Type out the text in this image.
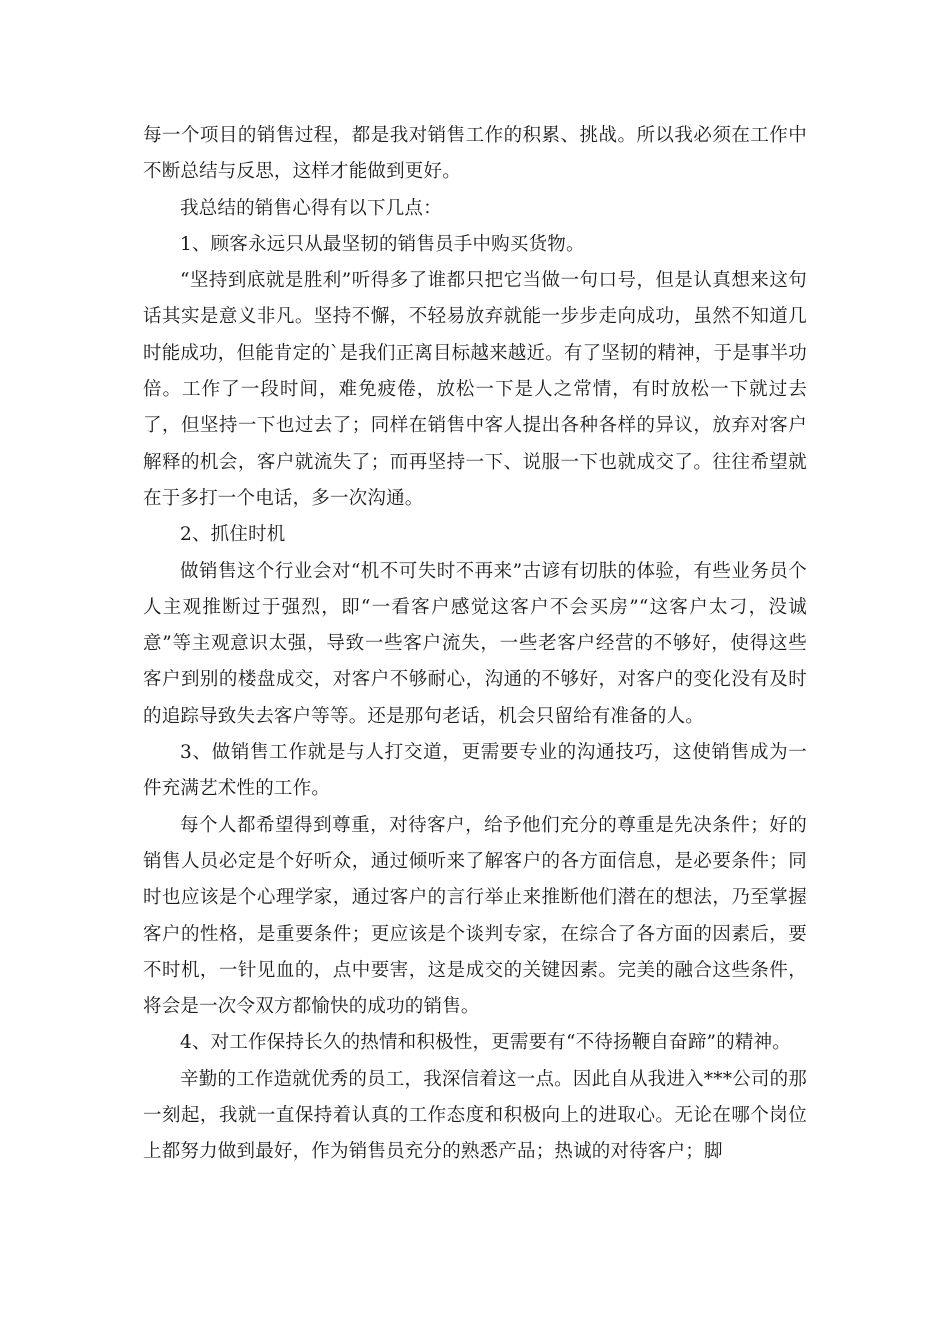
每一个项目的销售过程，都是我对销售工作的积累、挑战。所以我必须在工作中不断总结与反思，这样才能做到更好。

我总结的销售心得有以下几点：

1、顾客永远只从最坚韧的销售员手中购买货物。

“坚持到底就是胜利”听得多了谁都只把它当做一句口号，但是认真想来这句话其实是意义非凡。坚持不懈，不轻易放弃就能一步步走向成功，虽然不知道几时能成功，但能肯定的`是我们正离目标越来越近。有了坚韧的精神，于是事半功倍。工作了一段时间，难免疲倦，放松一下是人之常情，有时放松一下就过去了，但坚持一下也过去了；同样在销售中客人提出各种各样的异议，放弃对客户解释的机会，客户就流失了；而再坚持一下、说服一下也就成交了。往往希望就在于多打一个电话，多一次沟通。

2、抓住时机

做销售这个行业会对“机不可失时不再来”古谚有切肤的体验，有些业务员个人主观推断过于强烈，即“一看客户感觉这客户不会买房”“这客户太刁，没诚意”等主观意识太强，导致一些客户流失，一些老客户经营的不够好，使得这些客户到别的楼盘成交，对客户不够耐心，沟通的不够好，对客户的变化没有及时的追踪导致失去客户等等。还是那句老话，机会只留给有准备的人。

3、做销售工作就是与人打交道，更需要专业的沟通技巧，这使销售成为一件充满艺术性的工作。

每个人都希望得到尊重，对待客户，给予他们充分的尊重是先决条件；好的销售人员必定是个好听众，通过倾听来了解客户的各方面信息，是必要条件；同时也应该是个心理学家，通过客户的言行举止来推断他们潜在的想法，乃至掌握客户的性格，是重要条件；更应该是个谈判专家，在综合了各方面的因素后，要不时机，一针见血的，点中要害，这是成交的关键因素。完美的融合这些条件，将会是一次令双方都愉快的成功的销售。

4、对工作保持长久的热情和积极性，更需要有“不待扬鞭自奋蹄”的精神。

辛勤的工作造就优秀的员工，我深信着这一点。因此自从我进入***公司的那一刻起，我就一直保持着认真的工作态度和积极向上的进取心。无论在哪个岗位上都努力做到最好，作为销售员充分的熟悉产品；热诚的对待客户；脚
